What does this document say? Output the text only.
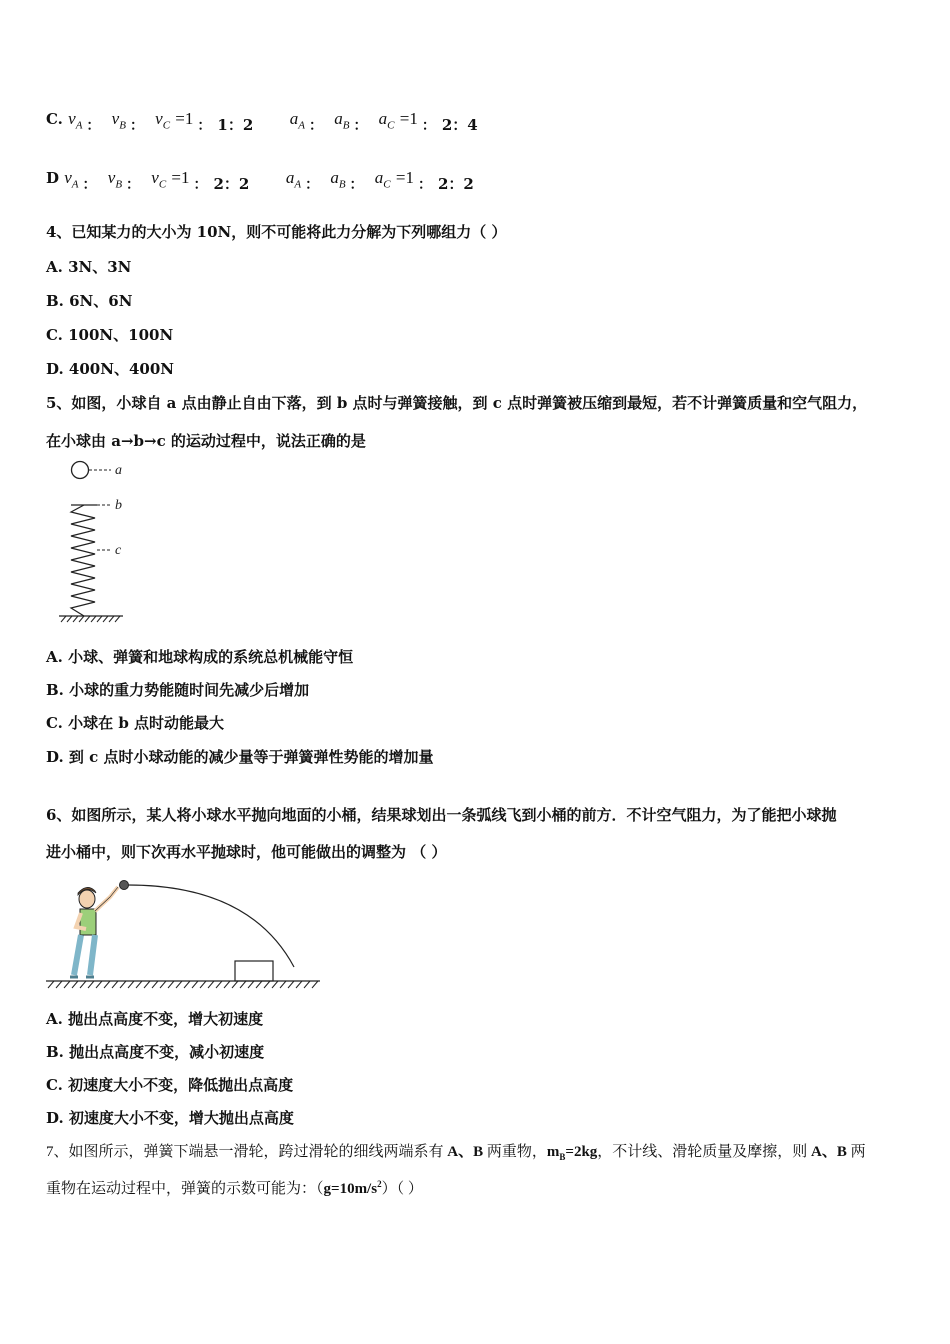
C. $v_A$ ： $v_B$ ： $v_C =1$ ： 1：2 $a_A$ ： $a_B$ ： $a_C =1$ ： 2：4
D $v_A$ ： $v_B$ ： $v_C =1$ ： 2：2 $a_A$ ： $a_B$ ： $a_C =1$ ： 2：2
4、已知某力的大小为 10N，则不可能将此力分解为下列哪组力（ ）
A. 3N、3N
B. 6N、6N
C. 100N、100N
D. 400N、400N
5、如图，小球自 a 点由静止自由下落，到 b 点时与弹簧接触，到 c 点时弹簧被压缩到最短，若不计弹簧质量和空气阻力，
在小球由 a→b→c 的运动过程中，说法正确的是
a
b
c
A. 小球、弹簧和地球构成的系统总机械能守恒
B. 小球的重力势能随时间先减少后增加
C. 小球在 b 点时动能最大
D. 到 c 点时小球动能的减少量等于弹簧弹性势能的增加量
6、如图所示，某人将小球水平抛向地面的小桶，结果球划出一条弧线飞到小桶的前方．不计空气阻力，为了能把小球抛
进小桶中，则下次再水平抛球时，他可能做出的调整为 （ ）
A. 抛出点高度不变，增大初速度
B. 抛出点高度不变，减小初速度
C. 初速度大小不变，降低抛出点高度
D. 初速度大小不变，增大抛出点高度
7、如图所示，弹簧下端悬一滑轮，跨过滑轮的细线两端系有 A、B 两重物，$m_B=2kg$，不计线、滑轮质量及摩擦，则 A、B 两
重物在运动过程中，弹簧的示数可能为：$(g=10m/s^2)$（ ）
